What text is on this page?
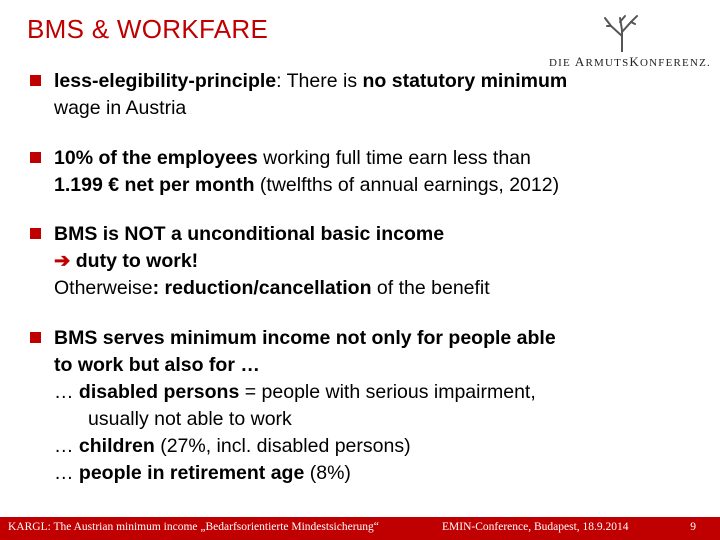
BMS & WORKFARE
DIE ARMUTSKONFERENZ.
less-elegibility-principle: There is no statutory minimum
wage in Austria
10% of the employees working full time earn less than
1.199 € net per month (twelfths of annual earnings, 2012)
BMS is NOT a unconditional basic income
➔ duty to work!
Otherweise: reduction/cancellation of the benefit
BMS serves minimum income not only for people able
to work but also for …
… disabled persons = people with serious impairment,
usually not able to work
… children (27%, incl. disabled persons)
… people in retirement age (8%)
KARGL: The Austrian minimum income „Bedarfsorientierte Mindestsicherung“	EMIN-Conference, Budapest, 18.9.2014	9
